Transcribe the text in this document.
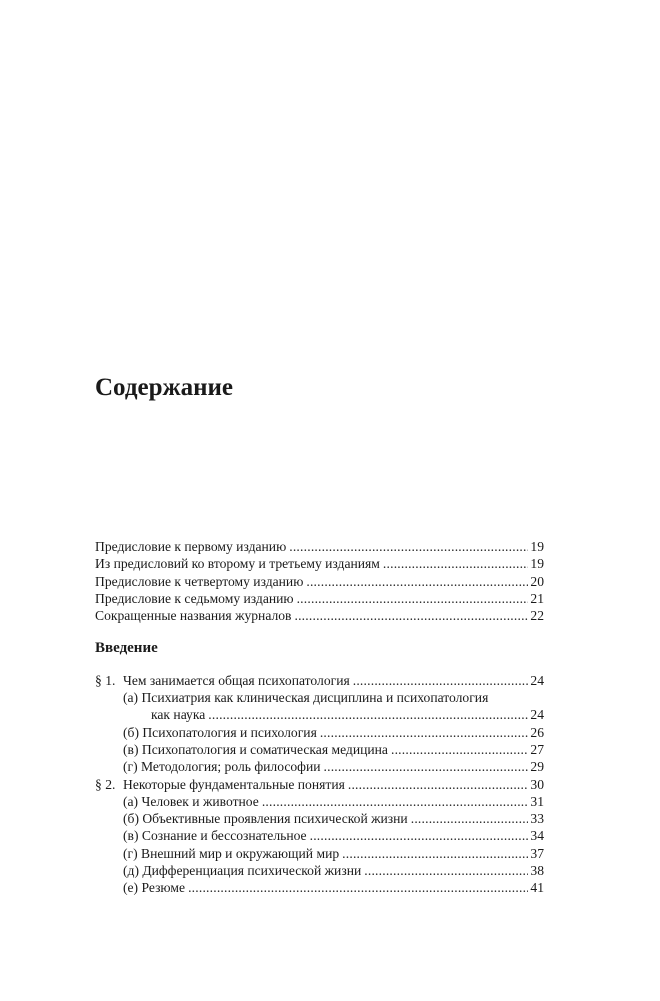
Содержание
Предисловие к первому изданию . . .	19
Из предисловий ко второму и третьему изданиям . . .	19
Предисловие к четвертому изданию . . .	20
Предисловие к седьмому изданию . . .	21
Сокращенные названия журналов . . .	22
Введение
§ 1. Чем занимается общая психопатология . . .	24
(а) Психиатрия как клиническая дисциплина и психопатология
как наука . . .	24
(б) Психопатология и психология . . .	26
(в) Психопатология и соматическая медицина . . .	27
(г) Методология; роль философии . . .	29
§ 2. Некоторые фундаментальные понятия . . .	30
(а) Человек и животное . . .	31
(б) Объективные проявления психической жизни . . .	33
(в) Сознание и бессознательное . . .	34
(г) Внешний мир и окружающий мир . . .	37
(д) Дифференциация психической жизни . . .	38
(е) Резюме . . .	41
